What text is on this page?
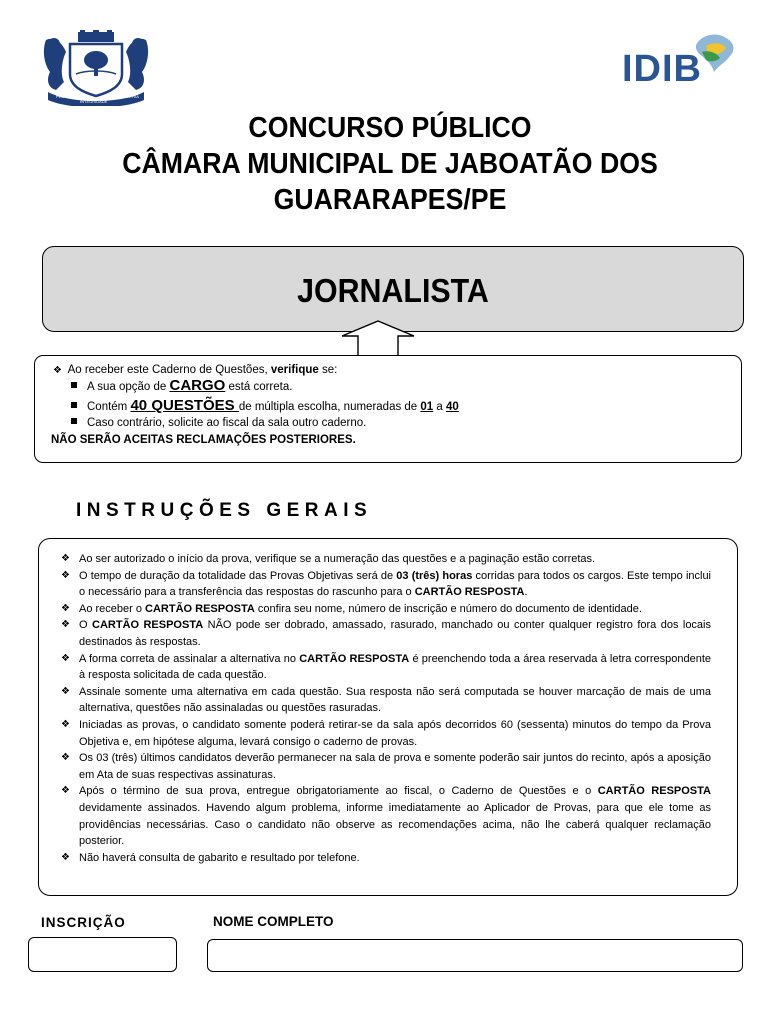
PELA
INTEGRIDADE
DA PÁTRIA
IDIB
CONCURSO PÚBLICO
CÂMARA MUNICIPAL DE JABOATÃO DOS
GUARARAPES/PE
JORNALISTA
❖ Ao receber este Caderno de Questões, verifique se:
A sua opção de CARGO está correta.
Contém 40 QUESTÕES de múltipla escolha, numeradas de 01 a 40
Caso contrário, solicite ao fiscal da sala outro caderno.
NÃO SERÃO ACEITAS RECLAMAÇÕES POSTERIORES.
INSTRUÇÕES GERAIS
❖ Ao ser autorizado o início da prova, verifique se a numeração das questões e a paginação estão corretas.
❖ O tempo de duração da totalidade das Provas Objetivas será de 03 (três) horas corridas para todos os cargos. Este tempo inclui o necessário para a transferência das respostas do rascunho para o CARTÃO RESPOSTA.
❖ Ao receber o CARTÃO RESPOSTA confira seu nome, número de inscrição e número do documento de identidade.
❖ O CARTÃO RESPOSTA NÃO pode ser dobrado, amassado, rasurado, manchado ou conter qualquer registro fora dos locais destinados às respostas.
❖ A forma correta de assinalar a alternativa no CARTÃO RESPOSTA é preenchendo toda a área reservada à letra correspondente à resposta solicitada de cada questão.
❖ Assinale somente uma alternativa em cada questão. Sua resposta não será computada se houver marcação de mais de uma alternativa, questões não assinaladas ou questões rasuradas.
❖ Iniciadas as provas, o candidato somente poderá retirar-se da sala após decorridos 60 (sessenta) minutos do tempo da Prova Objetiva e, em hipótese alguma, levará consigo o caderno de provas.
❖ Os 03 (três) últimos candidatos deverão permanecer na sala de prova e somente poderão sair juntos do recinto, após a aposição em Ata de suas respectivas assinaturas.
❖ Após o término de sua prova, entregue obrigatoriamente ao fiscal, o Caderno de Questões e o CARTÃO RESPOSTA devidamente assinados. Havendo algum problema, informe imediatamente ao Aplicador de Provas, para que ele tome as providências necessárias. Caso o candidato não observe as recomendações acima, não lhe caberá qualquer reclamação posterior.
❖ Não haverá consulta de gabarito e resultado por telefone.
INSCRIÇÃO	NOME COMPLETO
